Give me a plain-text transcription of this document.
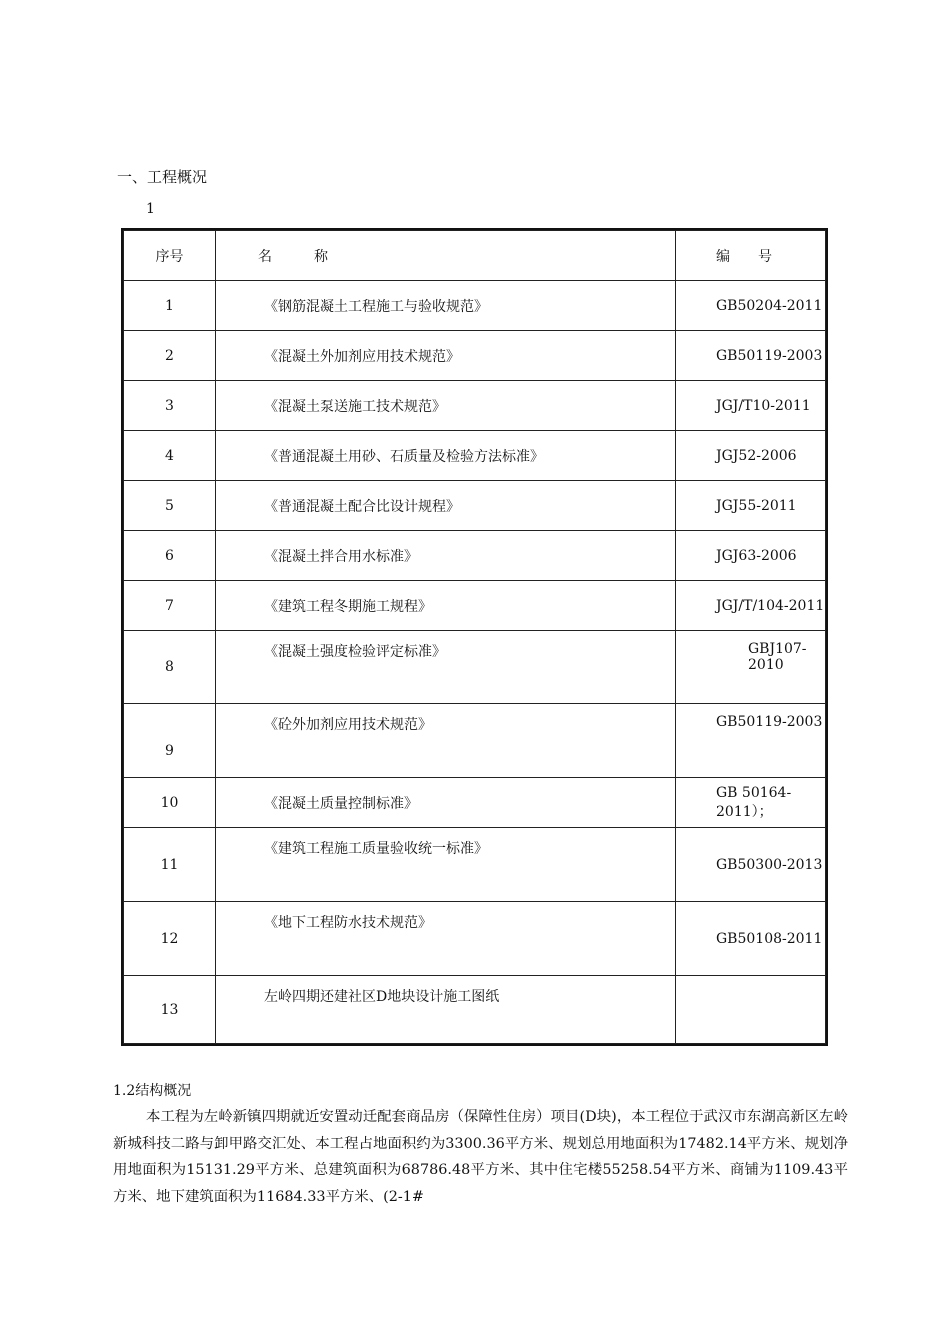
一、工程概况
1
序号	名　　　称	编　　号
1	《钢筋混凝土工程施工与验收规范》	GB50204-2011
2	《混凝土外加剂应用技术规范》	GB50119-2003
3	《混凝土泵送施工技术规范》	JGJ/T10-2011
4	《普通混凝土用砂、石质量及检验方法标准》	JGJ52-2006
5	《普通混凝土配合比设计规程》	JGJ55-2011
6	《混凝土拌合用水标准》	JGJ63-2006
7	《建筑工程冬期施工规程》	JGJ/T/104-2011
8	《混凝土强度检验评定标准》	GBJ107-2010
9	《砼外加剂应用技术规范》	GB50119-2003
10	《混凝土质量控制标准》	GB 50164-2011）；
11	《建筑工程施工质量验收统一标准》	GB50300-2013
12	《地下工程防水技术规范》	GB50108-2011
13	左岭四期还建社区D地块设计施工图纸	
1.2结构概况

本工程为左岭新镇四期就近安置动迁配套商品房（保障性住房）项目(D块)，本工程位于武汉市东湖高新区左岭新城科技二路与卸甲路交汇处、本工程占地面积约为3300.36平方米、规划总用地面积为17482.14平方米、规划净用地面积为15131.29平方米、总建筑面积为68786.48平方米、其中住宅楼55258.54平方米、商铺为1109.43平方米、地下建筑面积为11684.33平方米、(2-1#
